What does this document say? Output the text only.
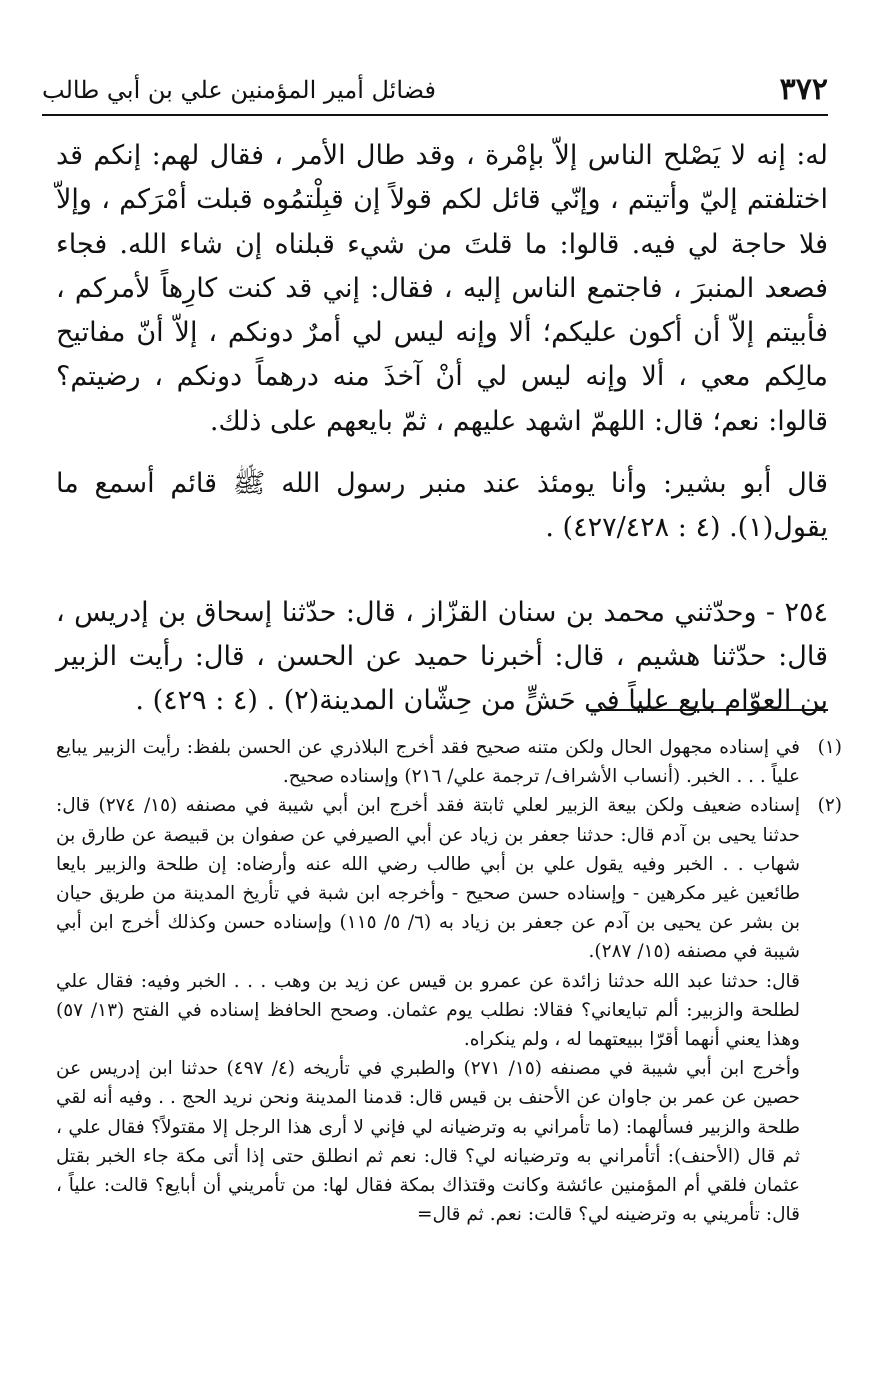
٣٧٢
فضائل أمير المؤمنين علي بن أبي طالب

له: إنه لا يَصْلح الناس إلاّ بإمْرة ، وقد طال الأمر ، فقال لهم: إنكم قد اختلفتم إليّ وأتيتم ، وإنّي قائل لكم قولاً إن قبِلْتمُوه قبلت أمْرَكم ، وإلاّ فلا حاجة لي فيه. قالوا: ما قلتَ من شيء قبلناه إن شاء الله. فجاء فصعد المنبرَ ، فاجتمع الناس إليه ، فقال: إني قد كنت كارِهاً لأمركم ، فأبيتم إلاّ أن أكون عليكم؛ ألا وإنه ليس لي أمرٌ دونكم ، إلاّ أنّ مفاتيح مالِكم معي ، ألا وإنه ليس لي أنْ آخذَ منه درهماً دونكم ، رضيتم؟ قالوا: نعم؛ قال: اللهمّ اشهد عليهم ، ثمّ بايعهم على ذلك.

قال أبو بشير: وأنا يومئذ عند منبر رسول الله ﷺ قائم أسمع ما يقول(١). (٤ : ٤٢٧/٤٢٨) .

٢٥٤ - وحدّثني محمد بن سنان القزّاز ، قال: حدّثنا إسحاق بن إدريس ، قال: حدّثنا هشيم ، قال: أخبرنا حميد عن الحسن ، قال: رأيت الزبير بن العوّام بايع علياً في حَشٍّ من حِشّان المدينة(٢) . (٤ : ٤٢٩) .

(١)

في إسناده مجهول الحال ولكن متنه صحيح فقد أخرج البلاذري عن الحسن بلفظ: رأيت الزبير يبايع علياً . . . الخبر. (أنساب الأشراف/ ترجمة علي/ ٢١٦) وإسناده صحيح.

(٢)

إسناده ضعيف ولكن بيعة الزبير لعلي ثابتة فقد أخرج ابن أبي شيبة في مصنفه (١٥/ ٢٧٤) قال: حدثنا يحيى بن آدم قال: حدثنا جعفر بن زياد عن أبي الصيرفي عن صفوان بن قبيصة عن طارق بن شهاب . . الخبر وفيه يقول علي بن أبي طالب رضي الله عنه وأرضاه: إن طلحة والزبير بايعا طائعين غير مكرهين - وإسناده حسن صحيح - وأخرجه ابن شبة في تأريخ المدينة من طريق حيان بن بشر عن يحيى بن آدم عن جعفر بن زياد به (٦/ ٥/ ١١٥) وإسناده حسن وكذلك أخرج ابن أبي شيبة في مصنفه (١٥/ ٢٨٧).

قال: حدثنا عبد الله حدثنا زائدة عن عمرو بن قيس عن زيد بن وهب . . . الخبر وفيه: فقال علي لطلحة والزبير: ألم تبايعاني؟ فقالا: نطلب يوم عثمان. وصحح الحافظ إسناده في الفتح (١٣/ ٥٧) وهذا يعني أنهما أقرّا ببيعتهما له ، ولم ينكراه.

وأخرج ابن أبي شيبة في مصنفه (١٥/ ٢٧١) والطبري في تأريخه (٤/ ٤٩٧) حدثنا ابن إدريس عن حصين عن عمر بن جاوان عن الأحنف بن قيس قال: قدمنا المدينة ونحن نريد الحج . . وفيه أنه لقي طلحة والزبير فسألهما: (ما تأمراني به وترضيانه لي فإني لا أرى هذا الرجل إلا مقتولاً؟ فقال علي ، ثم قال (الأحنف): أتأمراني به وترضيانه لي؟ قال: نعم ثم انطلق حتى إذا أتى مكة جاء الخبر بقتل عثمان فلقي أم المؤمنين عائشة وكانت وقتذاك بمكة فقال لها: من تأمريني أن أبايع؟ قالت: علياً ، قال: تأمريني به وترضينه لي؟ قالت: نعم. ثم قال=
